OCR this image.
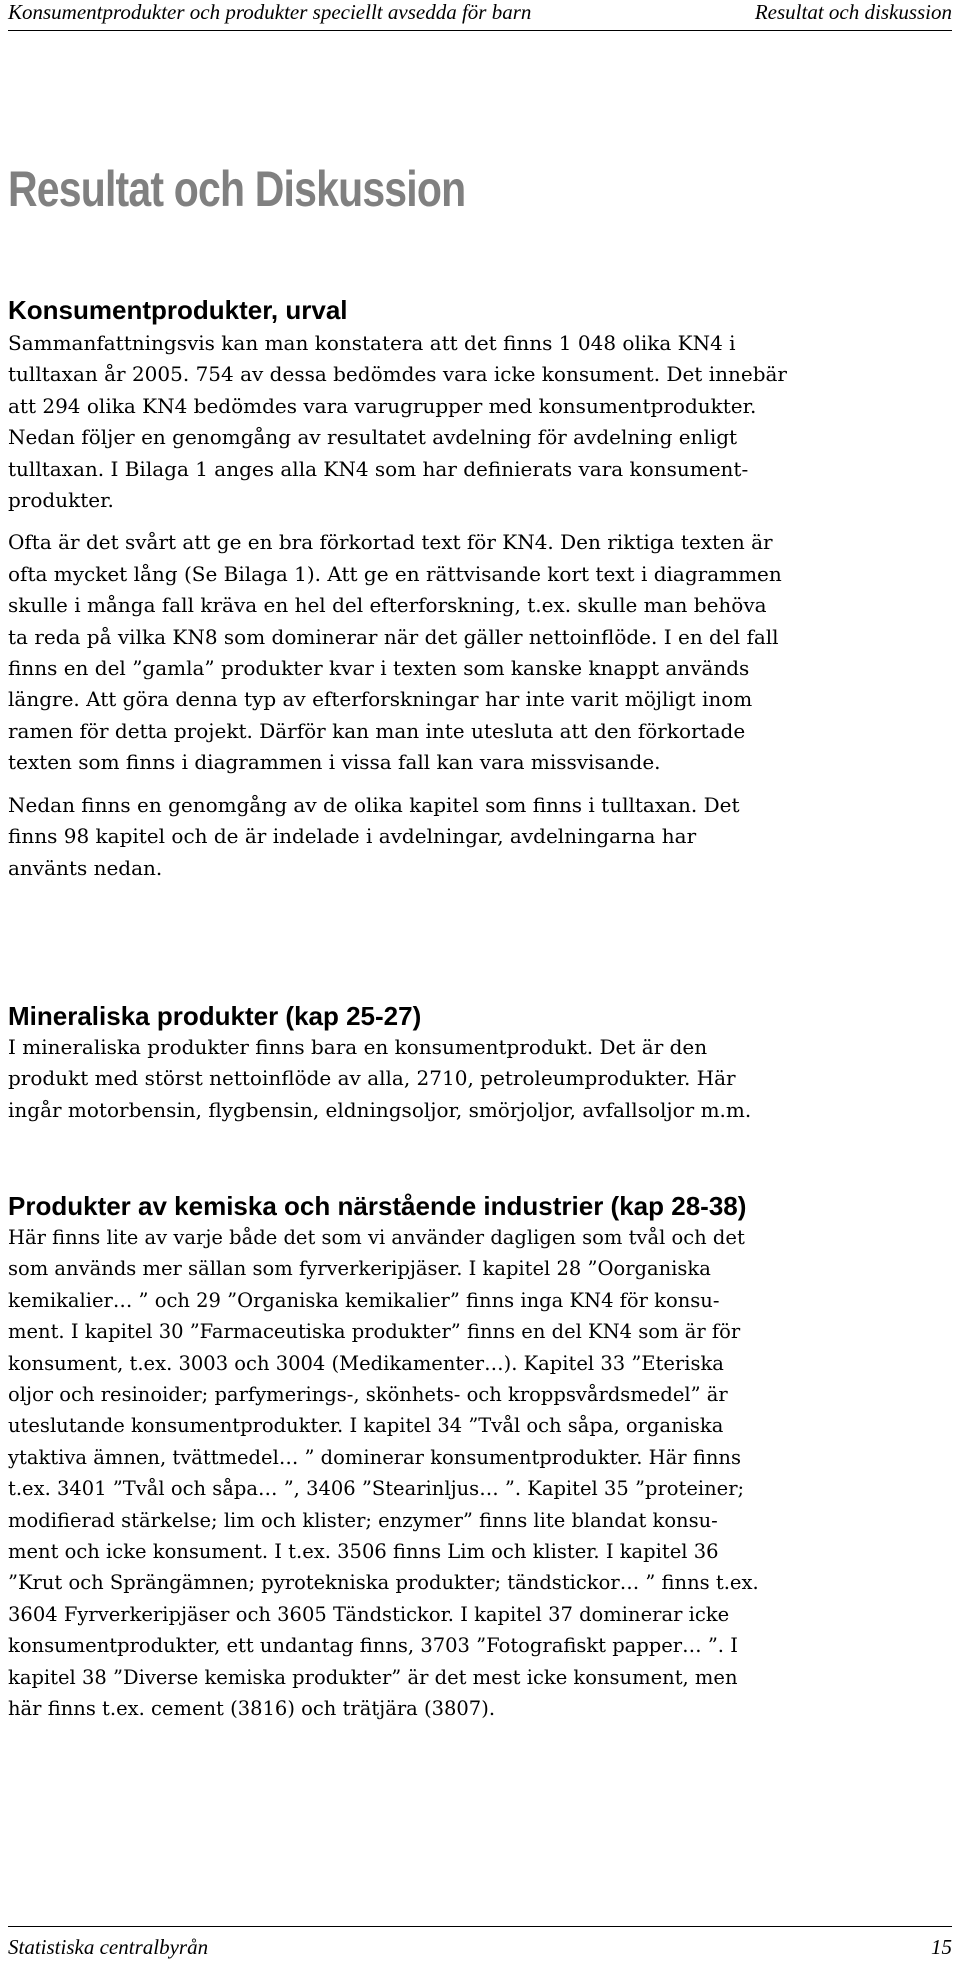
Konsumentprodukter och produkter speciellt avsedda för barn	Resultat och diskussion
Resultat och Diskussion
Konsumentprodukter, urval
Sammanfattningsvis kan man konstatera att det finns 1 048 olika KN4 i
tulltaxan år 2005. 754 av dessa bedömdes vara icke konsument. Det innebär
att 294 olika KN4 bedömdes vara varugrupper med konsumentprodukter.
Nedan följer en genomgång av resultatet avdelning för avdelning enligt
tulltaxan. I Bilaga 1 anges alla KN4 som har definierats vara konsument-
produkter.
Ofta är det svårt att ge en bra förkortad text för KN4. Den riktiga texten är
ofta mycket lång (Se Bilaga 1). Att ge en rättvisande kort text i diagrammen
skulle i många fall kräva en hel del efterforskning, t.ex. skulle man behöva
ta reda på vilka KN8 som dominerar när det gäller nettoinflöde. I en del fall
finns en del ”gamla” produkter kvar i texten som kanske knappt används
längre. Att göra denna typ av efterforskningar har inte varit möjligt inom
ramen för detta projekt. Därför kan man inte utesluta att den förkortade
texten som finns i diagrammen i vissa fall kan vara missvisande.
Nedan finns en genomgång av de olika kapitel som finns i tulltaxan. Det
finns 98 kapitel och de är indelade i avdelningar, avdelningarna har
använts nedan.
Mineraliska produkter (kap 25-27)
I mineraliska produkter finns bara en konsumentprodukt. Det är den
produkt med störst nettoinflöde av alla, 2710, petroleumprodukter. Här
ingår motorbensin, flygbensin, eldningsoljor, smörjoljor, avfallsoljor m.m.
Produkter av kemiska och närstående industrier (kap 28-38)
Här finns lite av varje både det som vi använder dagligen som tvål och det
som används mer sällan som fyrverkeripjäser. I kapitel 28 ”Oorganiska
kemikalier… ” och 29 ”Organiska kemikalier” finns inga KN4 för konsu-
ment. I kapitel 30 ”Farmaceutiska produkter” finns en del KN4 som är för
konsument, t.ex. 3003 och 3004 (Medikamenter…). Kapitel 33 ”Eteriska
oljor och resinoider; parfymerings-, skönhets- och kroppsvårdsmedel” är
uteslutande konsumentprodukter. I kapitel 34 ”Tvål och såpa, organiska
ytaktiva ämnen, tvättmedel… ” dominerar konsumentprodukter. Här finns
t.ex. 3401 ”Tvål och såpa… ”, 3406 ”Stearinljus… ”. Kapitel 35 ”proteiner;
modifierad stärkelse; lim och klister; enzymer” finns lite blandat konsu-
ment och icke konsument. I t.ex. 3506 finns Lim och klister. I kapitel 36
”Krut och Sprängämnen; pyrotekniska produkter; tändstickor… ” finns t.ex.
3604 Fyrverkeripjäser och 3605 Tändstickor. I kapitel 37 dominerar icke
konsumentprodukter, ett undantag finns, 3703 ”Fotografiskt papper… ”. I
kapitel 38 ”Diverse kemiska produkter” är det mest icke konsument, men
här finns t.ex. cement (3816) och trätjära (3807).
Statistiska centralbyrån	15
